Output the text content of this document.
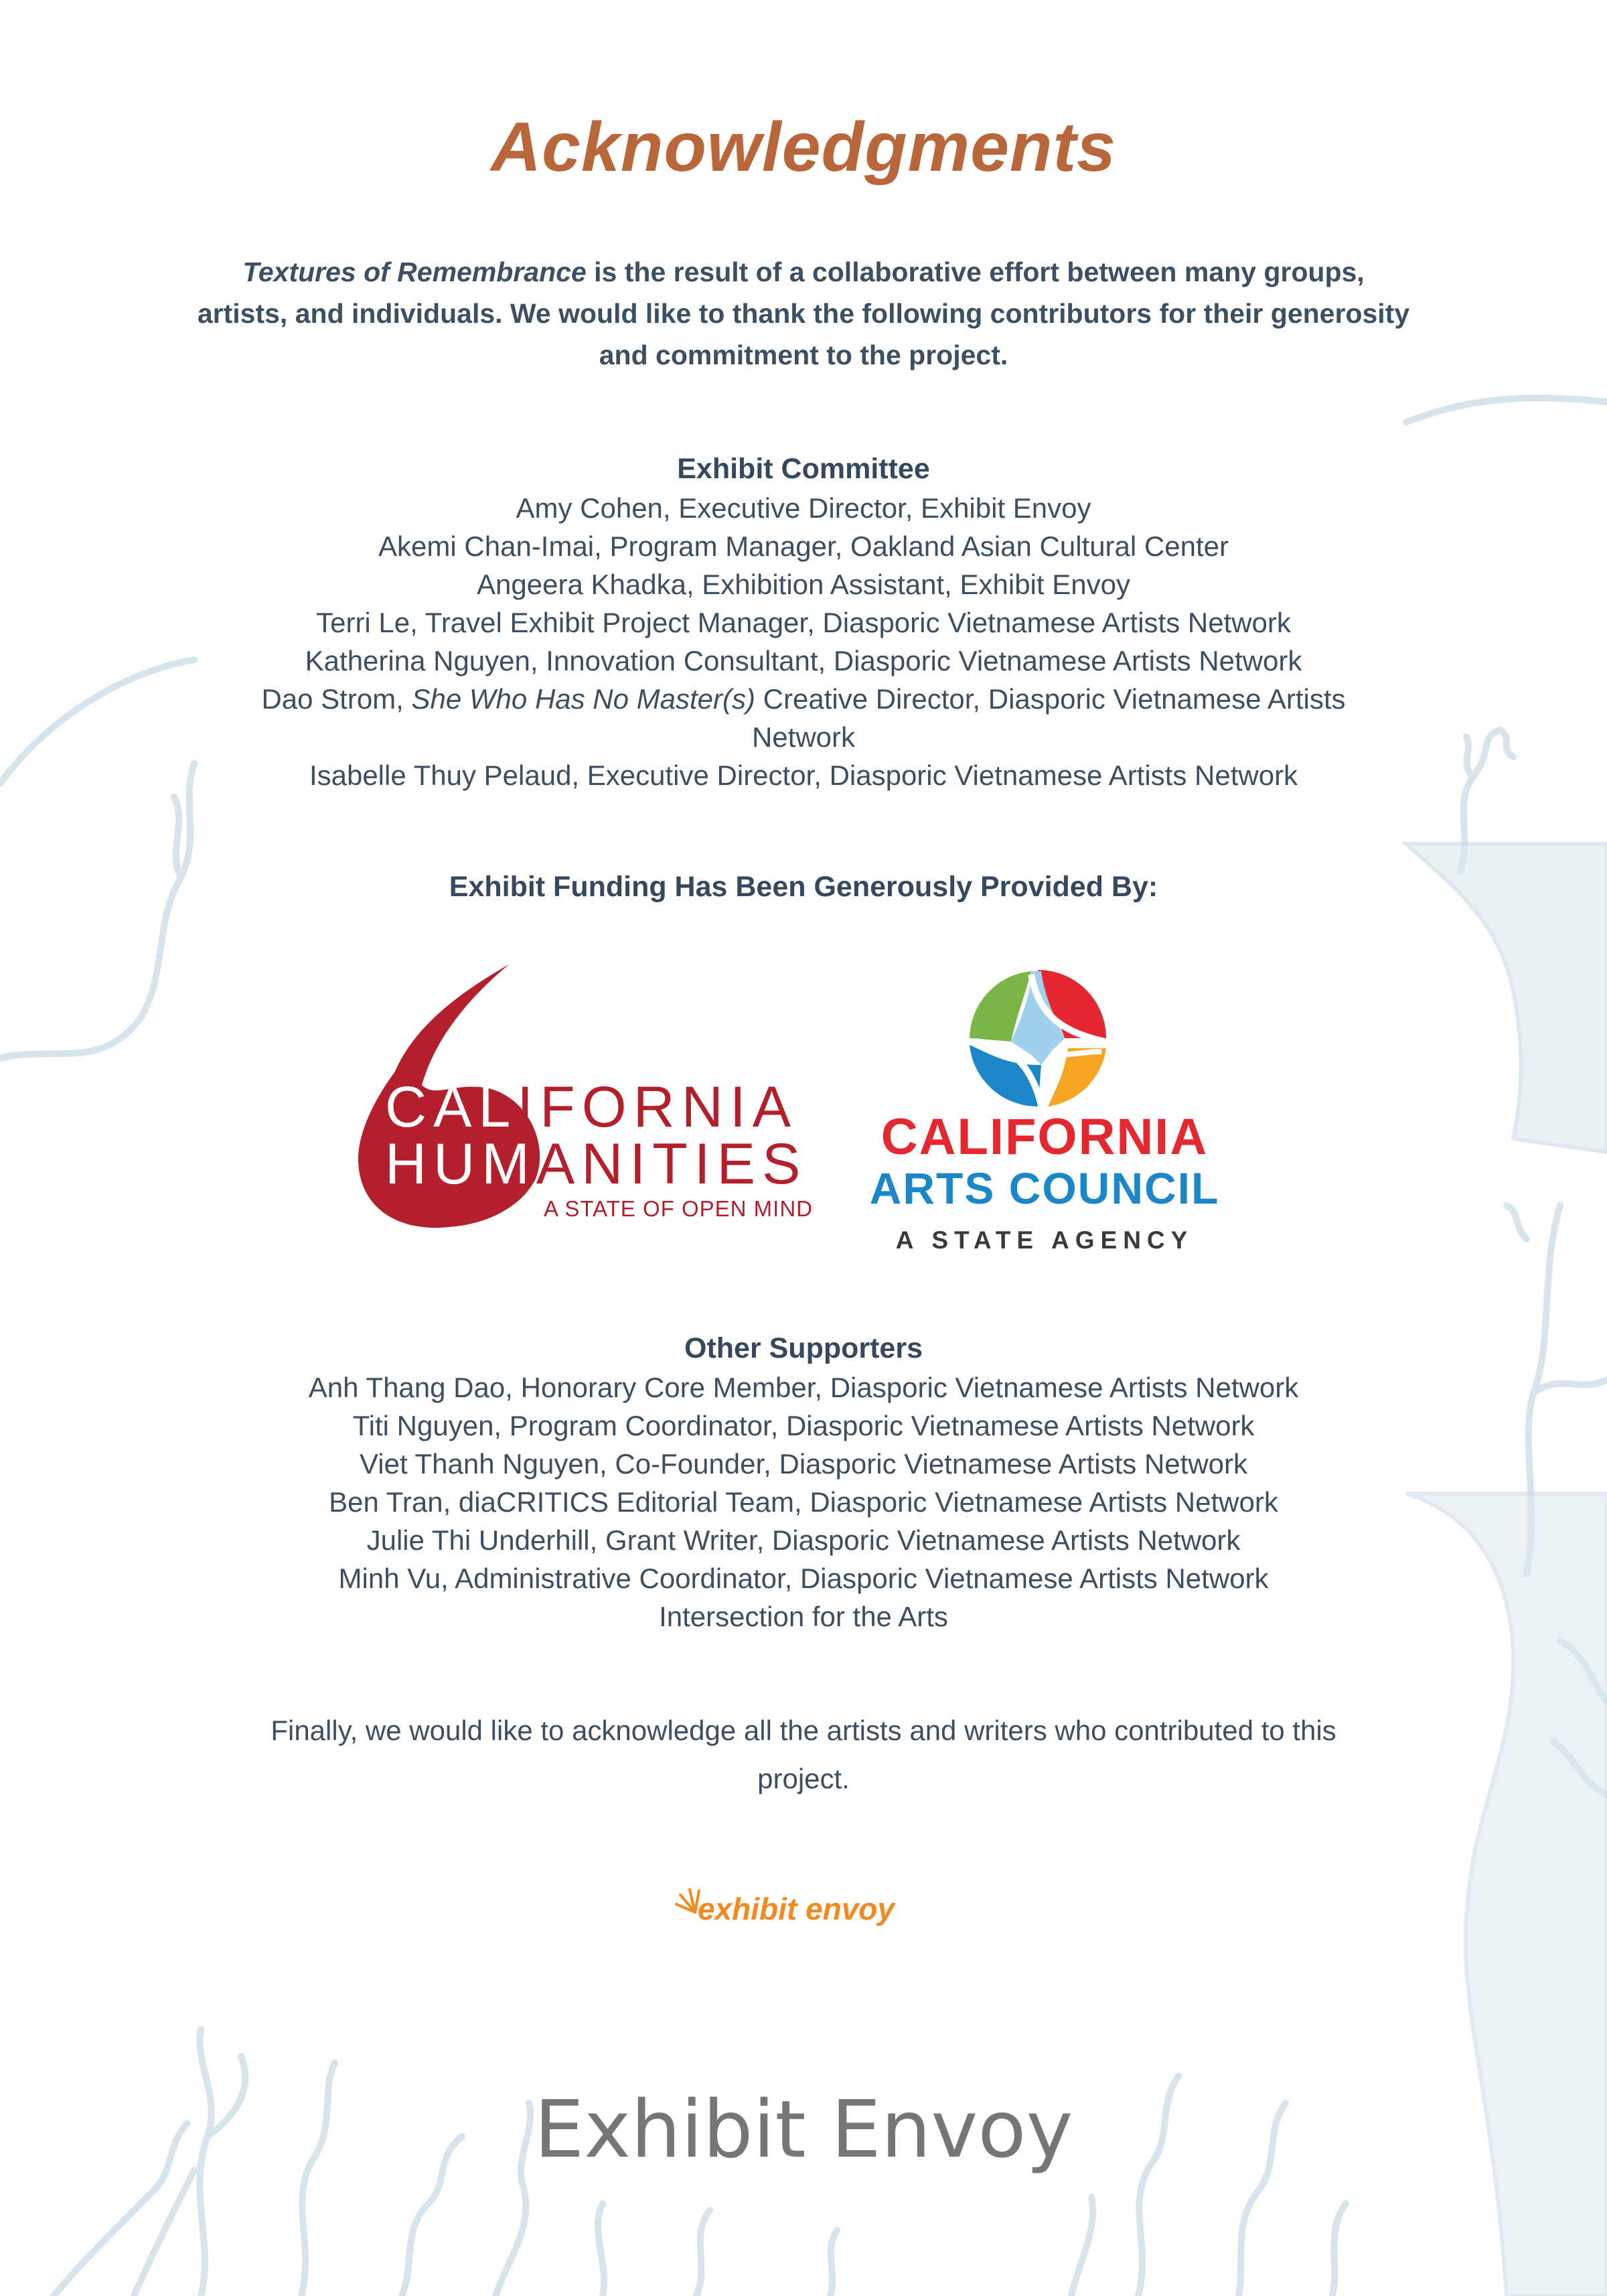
Acknowledgments
Textures of Remembrance is the result of a collaborative effort between many groups, artists, and individuals. We would like to thank the following contributors for their generosity and commitment to the project.
Exhibit Committee
Amy Cohen, Executive Director, Exhibit Envoy
Akemi Chan-Imai, Program Manager, Oakland Asian Cultural Center
Angeera Khadka, Exhibition Assistant, Exhibit Envoy
Terri Le, Travel Exhibit Project Manager, Diasporic Vietnamese Artists Network
Katherina Nguyen, Innovation Consultant, Diasporic Vietnamese Artists Network
Dao Strom, She Who Has No Master(s) Creative Director, Diasporic Vietnamese Artists Network
Isabelle Thuy Pelaud, Executive Director, Diasporic Vietnamese Artists Network
Exhibit Funding Has Been Generously Provided By:
CALIFORNIA
HUMANITIES
A STATE OF OPEN MIND
CALIFORNIA
ARTS COUNCIL
A STATE AGENCY
Other Supporters
Anh Thang Dao, Honorary Core Member, Diasporic Vietnamese Artists Network
Titi Nguyen, Program Coordinator, Diasporic Vietnamese Artists Network
Viet Thanh Nguyen, Co-Founder, Diasporic Vietnamese Artists Network
Ben Tran, diaCRITICS Editorial Team, Diasporic Vietnamese Artists Network
Julie Thi Underhill, Grant Writer, Diasporic Vietnamese Artists Network
Minh Vu, Administrative Coordinator, Diasporic Vietnamese Artists Network
Intersection for the Arts
Finally, we would like to acknowledge all the artists and writers who contributed to this project.
exhibit envoy
Exhibit Envoy
